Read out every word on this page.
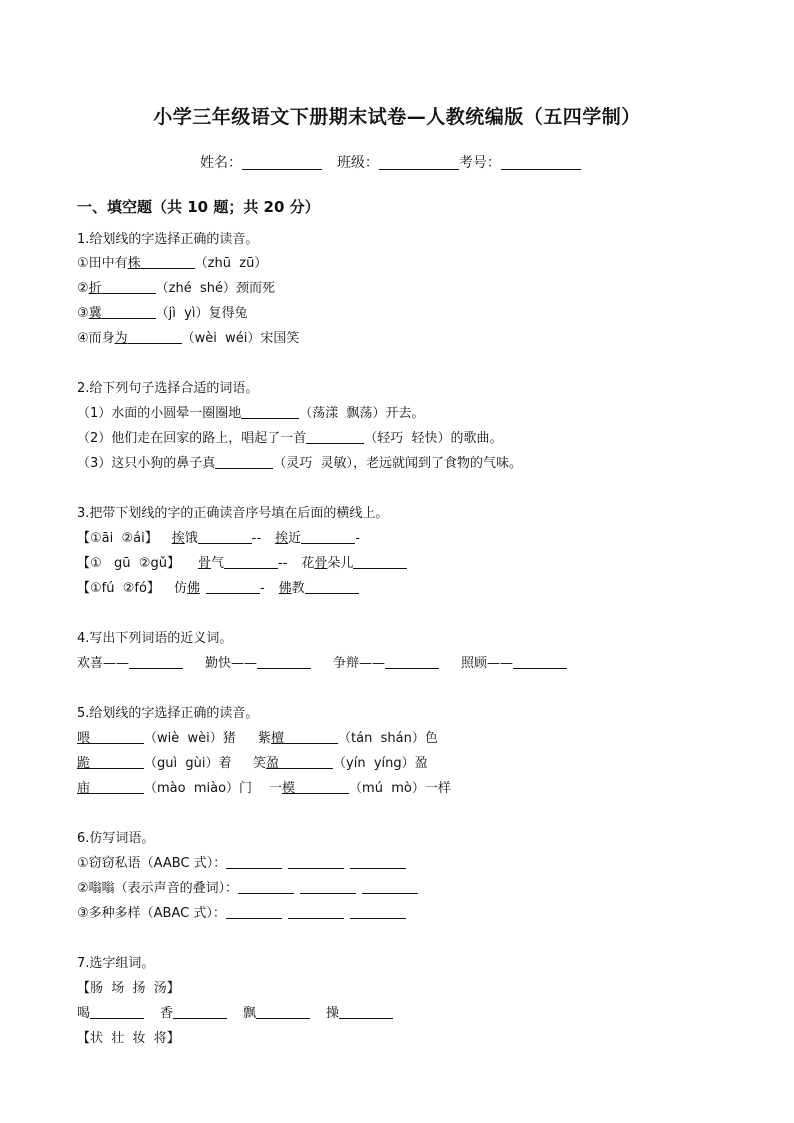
小学三年级语文下册期末试卷—人教统编版（五四学制）
姓名：	班级：	考号：
一、填空题（共 10 题；共 20 分）
1.给划线的字选择正确的读音。
①田中有株	（zhū  zū）
②折	（zhé  shé）颈而死
③冀	（jì  yì）复得兔
④而身为	（wèi  wéi）宋国笑
2.给下列句子选择合适的词语。
（1）水面的小圆晕一圈圈地	（荡漾  飘荡）开去。
（2）他们走在回家的路上，唱起了一首	（轻巧  轻快）的歌曲。
（3）这只小狗的鼻子真	（灵巧  灵敏），老远就闻到了食物的气味。
3.把带下划线的字的正确读音序号填在后面的横线上。
【①āi  ②ái】 挨饿	-- 挨近	-
【①   gū  ②gǔ】 骨气	-- 花骨朵儿
【①fú  ②fó】 仿佛	- 佛教
4.写出下列词语的近义词。
欢喜——	勤快——	争辩——	照顾——
5.给划线的字选择正确的读音。
喂	（wiè  wèi）猪 紫檀	（tán  shán）色
跪	（guì  gùi）着 笑盈	（yín  yíng）盈
庙	（mào  miào）门 一模	（mú  mò）一样
6.仿写词语。
①窃窃私语（AABC 式）：
②嗡嗡（表示声音的叠词）：
③多种多样（ABAC 式）：
7.选字组词。
【肠  场  扬  汤】
喝	香	飘	操
【状  壮  妆  将】
